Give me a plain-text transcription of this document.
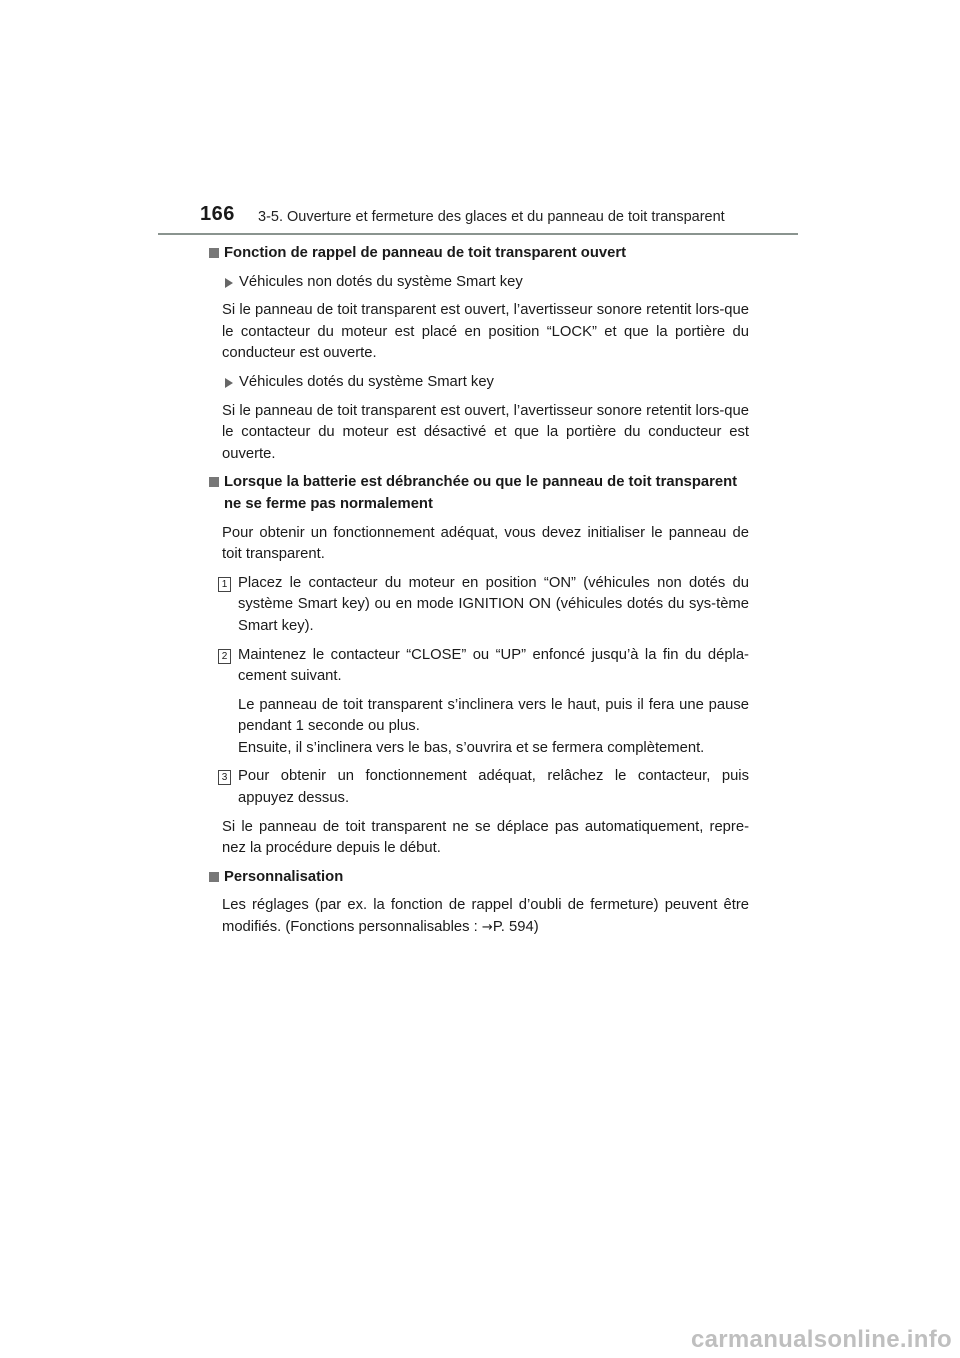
166 3-5. Ouverture et fermeture des glaces et du panneau de toit transparent
Fonction de rappel de panneau de toit transparent ouvert
Véhicules non dotés du système Smart key
Si le panneau de toit transparent est ouvert, l’avertisseur sonore retentit lors-que le contacteur du moteur est placé en position “LOCK” et que la portière du conducteur est ouverte.
Véhicules dotés du système Smart key
Si le panneau de toit transparent est ouvert, l’avertisseur sonore retentit lors-que le contacteur du moteur est désactivé et que la portière du conducteur est ouverte.
Lorsque la batterie est débranchée ou que le panneau de toit transparent ne se ferme pas normalement
Pour obtenir un fonctionnement adéquat, vous devez initialiser le panneau de toit transparent.
1 Placez le contacteur du moteur en position “ON” (véhicules non dotés du système Smart key) ou en mode IGNITION ON (véhicules dotés du sys-tème Smart key).
2 Maintenez le contacteur “CLOSE” ou “UP” enfoncé jusqu’à la fin du dépla-cement suivant.
Le panneau de toit transparent s’inclinera vers le haut, puis il fera une pause pendant 1 seconde ou plus.
Ensuite, il s’inclinera vers le bas, s’ouvrira et se fermera complètement.
3 Pour obtenir un fonctionnement adéquat, relâchez le contacteur, puis appuyez dessus.
Si le panneau de toit transparent ne se déplace pas automatiquement, repre-nez la procédure depuis le début.
Personnalisation
Les réglages (par ex. la fonction de rappel d’oubli de fermeture) peuvent être modifiés. (Fonctions personnalisables : →P. 594)
carmanualsonline.info
